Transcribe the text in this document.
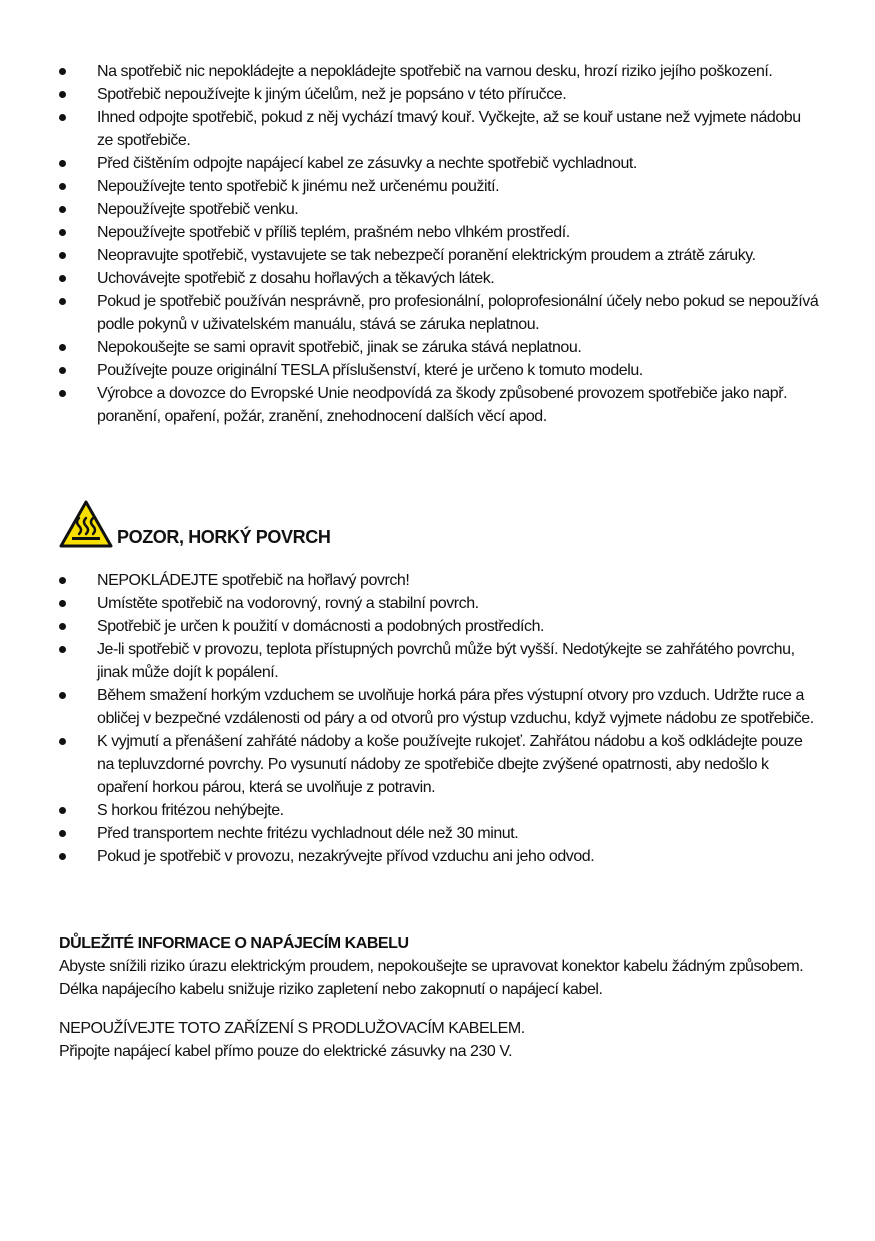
Na spotřebič nic nepokládejte a nepokládejte spotřebič na varnou desku, hrozí riziko jejího poškození.
Spotřebič nepoužívejte k jiným účelům, než je popsáno v této příručce.
Ihned odpojte spotřebič, pokud z něj vychází tmavý kouř. Vyčkejte, až se kouř ustane než vyjmete nádobu ze spotřebiče.
Před čištěním odpojte napájecí kabel ze zásuvky a nechte spotřebič vychladnout.
Nepoužívejte tento spotřebič k jinému než určenému použití.
Nepoužívejte spotřebič venku.
Nepoužívejte spotřebič v příliš teplém, prašném nebo vlhkém prostředí.
Neopravujte spotřebič, vystavujete se tak nebezpečí poranění elektrickým proudem a ztrátě záruky.
Uchovávejte spotřebič z dosahu hořlavých a těkavých látek.
Pokud je spotřebič používán nesprávně, pro profesionální, poloprofesionální účely nebo pokud se nepoužívá podle pokynů v uživatelském manuálu, stává se záruka neplatnou.
Nepokoušejte se sami opravit spotřebič, jinak se záruka stává neplatnou.
Používejte pouze originální TESLA příslušenství, které je určeno k tomuto modelu.
Výrobce a dovozce do Evropské Unie neodpovídá za škody způsobené provozem spotřebiče jako např. poranění, opaření, požár, zranění, znehodnocení dalších věcí apod.
POZOR, HORKÝ POVRCH
NEPOKLÁDEJTE spotřebič na hořlavý povrch!
Umístěte spotřebič na vodorovný, rovný a stabilní povrch.
Spotřebič je určen k použití v domácnosti a podobných prostředích.
Je-li spotřebič v provozu, teplota přístupných povrchů může být vyšší. Nedotýkejte se zahřátého povrchu, jinak může dojít k popálení.
Během smažení horkým vzduchem se uvolňuje horká pára přes výstupní otvory pro vzduch. Udržte ruce a obličej v bezpečné vzdálenosti od páry a od otvorů pro výstup vzduchu, když vyjmete nádobu ze spotřebiče.
K vyjmutí a přenášení zahřáté nádoby a koše používejte rukojeť. Zahřátou nádobu a koš odkládejte pouze na tepluvzdorné povrchy. Po vysunutí nádoby ze spotřebiče dbejte zvýšené opatrnosti, aby nedošlo k opaření horkou párou, která se uvolňuje z potravin.
S horkou fritézou nehýbejte.
Před transportem nechte fritézu vychladnout déle než 30 minut.
Pokud je spotřebič v provozu, nezakrývejte přívod vzduchu ani jeho odvod.

DŮLEŽITÉ INFORMACE O NAPÁJECÍM KABELU

Abyste snížili riziko úrazu elektrickým proudem, nepokoušejte se upravovat konektor kabelu žádným způsobem. Délka napájecího kabelu snižuje riziko zapletení nebo zakopnutí o napájecí kabel.

NEPOUŽÍVEJTE TOTO ZAŘÍZENÍ S PRODLUŽOVACÍM KABELEM.

Připojte napájecí kabel přímo pouze do elektrické zásuvky na 230 V.
